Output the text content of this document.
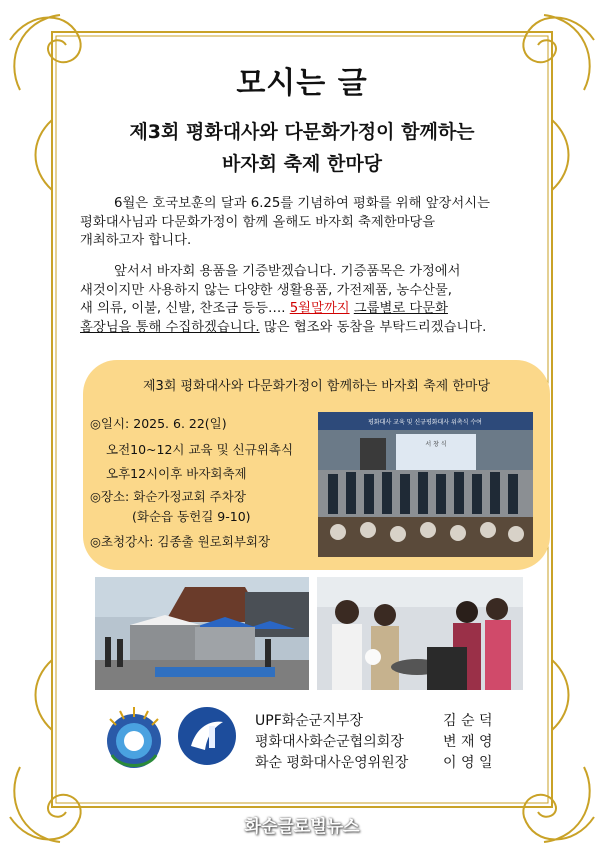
모시는 글
제3회 평화대사와 다문화가정이 함께하는
바자회 축제 한마당
6월은 호국보훈의 달과 6.25를 기념하여 평화를 위해 앞장서시는
평화대사님과 다문화가정이 함께 올해도 바자회 축제한마당을
개최하고자 합니다.
앞서서 바자회 용품을 기증받겠습니다. 기증품목은 가정에서
새것이지만 사용하지 않는 다양한 생활용품, 가전제품, 농수산물,
새 의류, 이불, 신발, 찬조금 등등…. 5월말까지 그룹별로 다문화
홈장님을 통해 수집하겠습니다. 많은 협조와 동참을 부탁드리겠습니다.
제3회 평화대사와 다문화가정이 함께하는 바자회 축제 한마당
◎일시: 2025. 6. 22(일)
오전10~12시 교육 및 신규위촉식
오후12시이후 바자회축제
◎장소: 화순가정교회 주차장
(화순읍 동헌길 9-10)
◎초청강사: 김종출 원로회부회장
평화대사 교육 및 신규평화대사 위촉식 수여
서 창 식
UPF화순군지부장	김 순 덕
평화대사화순군협의회장	변 재 영
화순 평화대사운영위원장 이 영 일
화순글로벌뉴스
